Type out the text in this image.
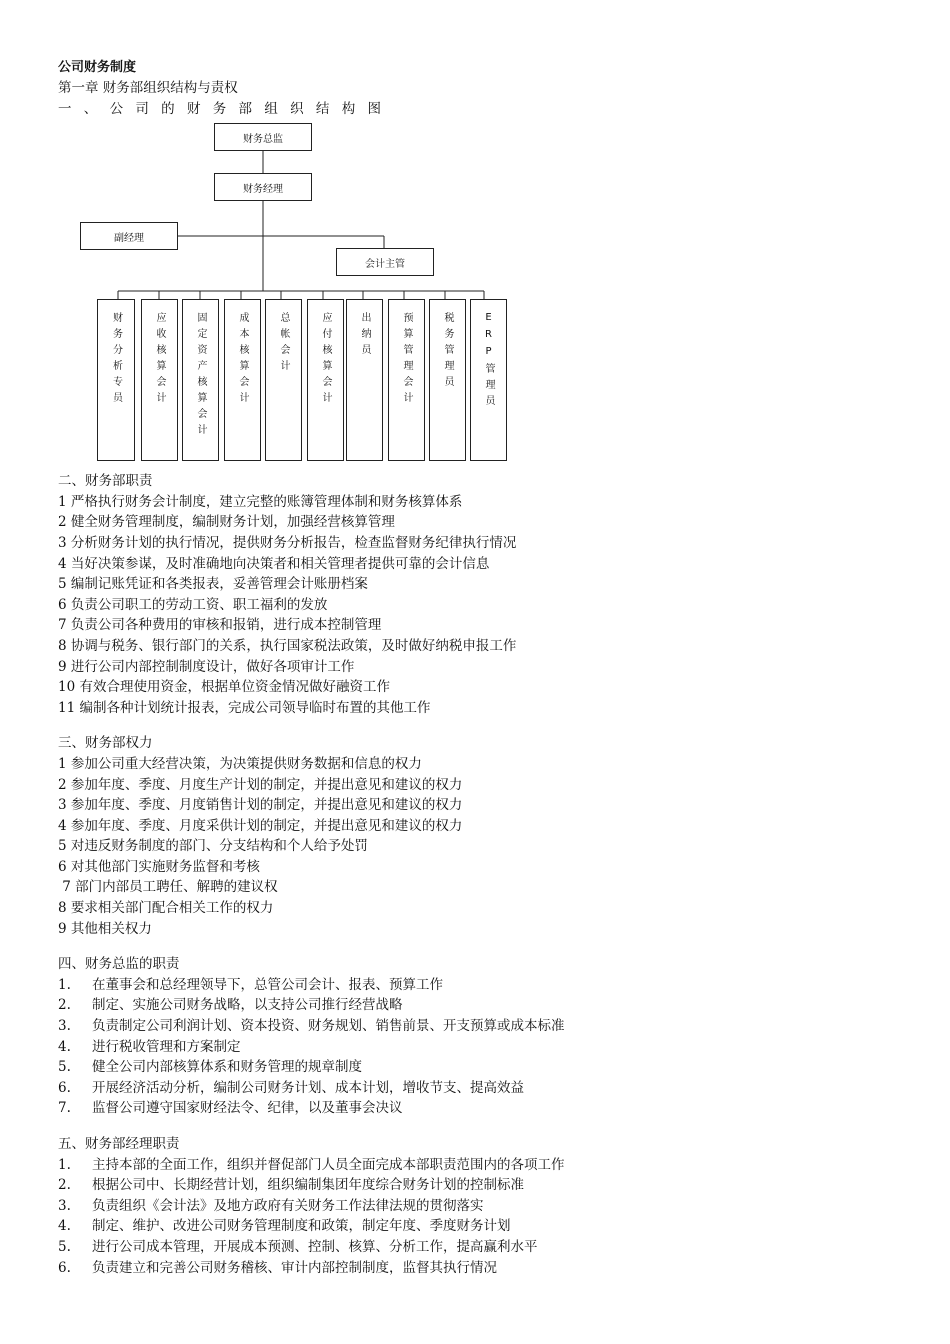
公司财务制度
第一章 财务部组织结构与责权
一 、 公 司 的 财 务 部 组 织 结 构 图
财务总监
财务经理
副经理
会计主管
财务分析专员	应收核算会计	固定资产核算会计	成本核算会计	总帐会计	应付核算会计	出纳员	预算管理会计	税务管理员	ERP管理员
二、财务部职责
1 严格执行财务会计制度，建立完整的账簿管理体制和财务核算体系
2 健全财务管理制度，编制财务计划，加强经营核算管理
3 分析财务计划的执行情况，提供财务分析报告，检查监督财务纪律执行情况
4 当好决策参谋，及时准确地向决策者和相关管理者提供可靠的会计信息
5 编制记账凭证和各类报表，妥善管理会计账册档案
6 负责公司职工的劳动工资、职工福利的发放
7 负责公司各种费用的审核和报销，进行成本控制管理
8 协调与税务、银行部门的关系，执行国家税法政策，及时做好纳税申报工作
9 进行公司内部控制制度设计，做好各项审计工作
10 有效合理使用资金，根据单位资金情况做好融资工作
11 编制各种计划统计报表，完成公司领导临时布置的其他工作
三、财务部权力
1 参加公司重大经营决策，为决策提供财务数据和信息的权力
2 参加年度、季度、月度生产计划的制定，并提出意见和建议的权力
3 参加年度、季度、月度销售计划的制定，并提出意见和建议的权力
4 参加年度、季度、月度采供计划的制定，并提出意见和建议的权力
5 对违反财务制度的部门、分支结构和个人给予处罚
6 对其他部门实施财务监督和考核
7 部门内部员工聘任、解聘的建议权
8 要求相关部门配合相关工作的权力
9 其他相关权力
四、财务总监的职责
1.	在董事会和总经理领导下，总管公司会计、报表、预算工作
2.	制定、实施公司财务战略，以支持公司推行经营战略
3.	负责制定公司利润计划、资本投资、财务规划、销售前景、开支预算或成本标准
4.	进行税收管理和方案制定
5.	健全公司内部核算体系和财务管理的规章制度
6.	开展经济活动分析，编制公司财务计划、成本计划，增收节支、提高效益
7.	监督公司遵守国家财经法令、纪律，以及董事会决议
五、财务部经理职责
1.	主持本部的全面工作，组织并督促部门人员全面完成本部职责范围内的各项工作
2.	根据公司中、长期经营计划，组织编制集团年度综合财务计划的控制标准
3.	负责组织《会计法》及地方政府有关财务工作法律法规的贯彻落实
4.	制定、维护、改进公司财务管理制度和政策，制定年度、季度财务计划
5.	进行公司成本管理，开展成本预测、控制、核算、分析工作，提高赢利水平
6.	负责建立和完善公司财务稽核、审计内部控制制度，监督其执行情况
